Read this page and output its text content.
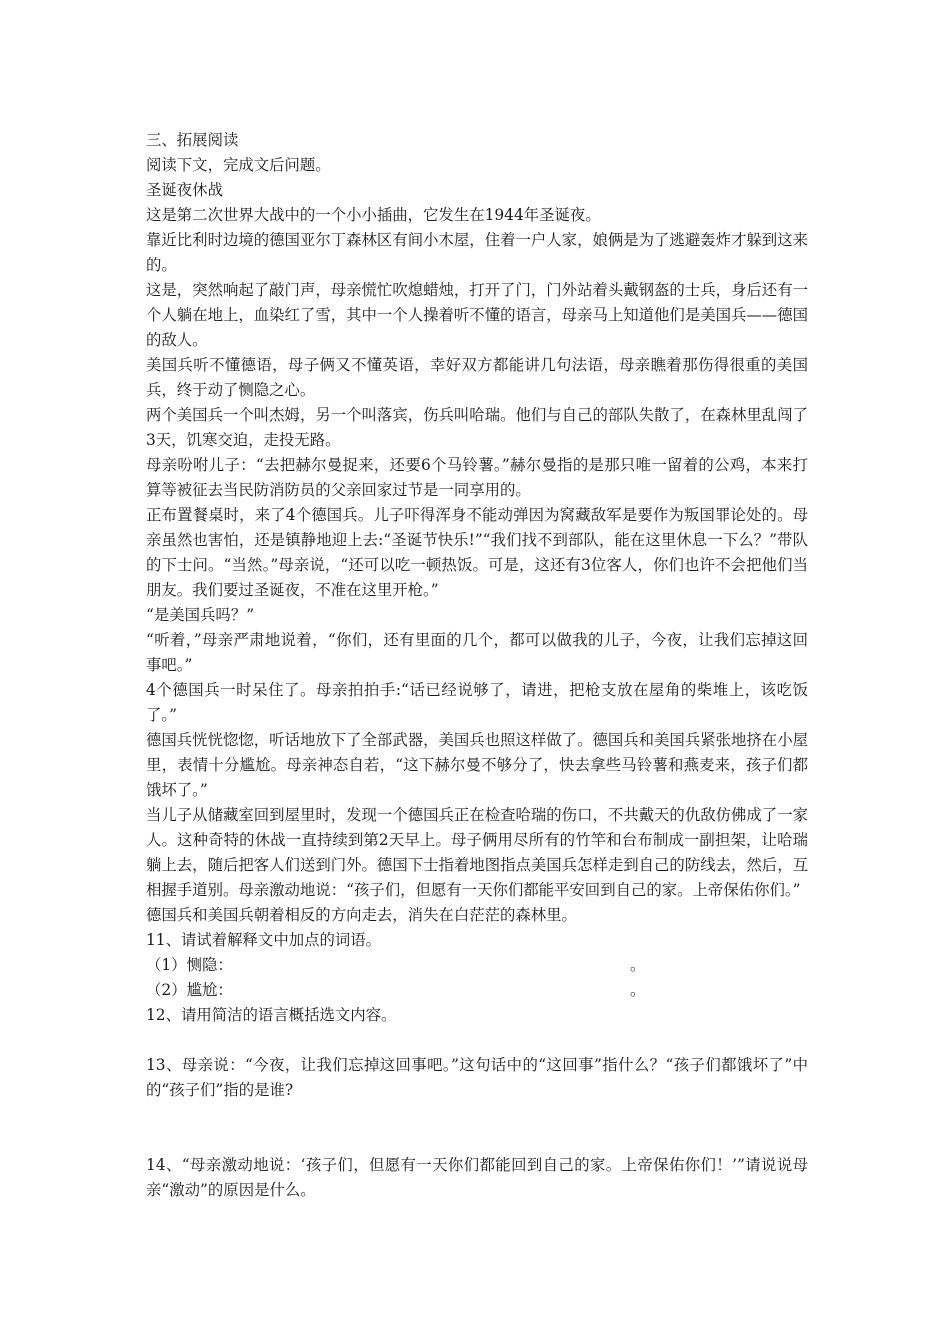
三、拓展阅读

阅读下文，完成文后问题。

圣诞夜休战

这是第二次世界大战中的一个小小插曲，它发生在1944年圣诞夜。

靠近比利时边境的德国亚尔丁森林区有间小木屋，住着一户人家，娘俩是为了逃避轰炸才躲到这来的。

这是，突然响起了敲门声，母亲慌忙吹熄蜡烛，打开了门，门外站着头戴钢盔的士兵，身后还有一个人躺在地上，血染红了雪，其中一个人操着听不懂的语言，母亲马上知道他们是美国兵——德国的敌人。

美国兵听不懂德语，母子俩又不懂英语，幸好双方都能讲几句法语，母亲瞧着那伤得很重的美国兵，终于动了恻隐之心。

两个美国兵一个叫杰姆，另一个叫落宾，伤兵叫哈瑞。他们与自己的部队失散了，在森林里乱闯了3天，饥寒交迫，走投无路。

母亲吩咐儿子：“去把赫尔曼捉来，还要6个马铃薯。”赫尔曼指的是那只唯一留着的公鸡，本来打算等被征去当民防消防员的父亲回家过节是一同享用的。

正布置餐桌时，来了4个德国兵。儿子吓得浑身不能动弹因为窝藏敌军是要作为叛国罪论处的。母亲虽然也害怕，还是镇静地迎上去:“圣诞节快乐!”“我们找不到部队，能在这里休息一下么？”带队的下士问。“当然。”母亲说，“还可以吃一顿热饭。可是，这还有3位客人，你们也许不会把他们当朋友。我们要过圣诞夜，不准在这里开枪。”

“是美国兵吗？”

“听着，”母亲严肃地说着，“你们，还有里面的几个，都可以做我的儿子，今夜，让我们忘掉这回事吧。”

4个德国兵一时呆住了。母亲拍拍手:“话已经说够了，请进，把枪支放在屋角的柴堆上，该吃饭了。”

德国兵恍恍惚惚，听话地放下了全部武器，美国兵也照这样做了。德国兵和美国兵紧张地挤在小屋里，表情十分尴尬。母亲神态自若，“这下赫尔曼不够分了，快去拿些马铃薯和燕麦来，孩子们都饿坏了。”

当儿子从储藏室回到屋里时，发现一个德国兵正在检查哈瑞的伤口，不共戴天的仇敌仿佛成了一家人。这种奇特的休战一直持续到第2天早上。母子俩用尽所有的竹竿和台布制成一副担架，让哈瑞躺上去，随后把客人们送到门外。德国下士指着地图指点美国兵怎样走到自己的防线去，然后，互相握手道别。母亲激动地说：“孩子们，但愿有一天你们都能平安回到自己的家。上帝保佑你们。”

德国兵和美国兵朝着相反的方向走去，消失在白茫茫的森林里。

11、请试着解释文中加点的词语。

（1）恻隐：	。
（2）尴尬：	。

12、请用简洁的语言概括选文内容。

13、母亲说：“今夜，让我们忘掉这回事吧。”这句话中的“这回事”指什么？“孩子们都饿坏了”中的“孩子们”指的是谁?

14、“母亲激动地说：‘孩子们，但愿有一天你们都能回到自己的家。上帝保佑你们！’”请说说母亲“激动”的原因是什么。
